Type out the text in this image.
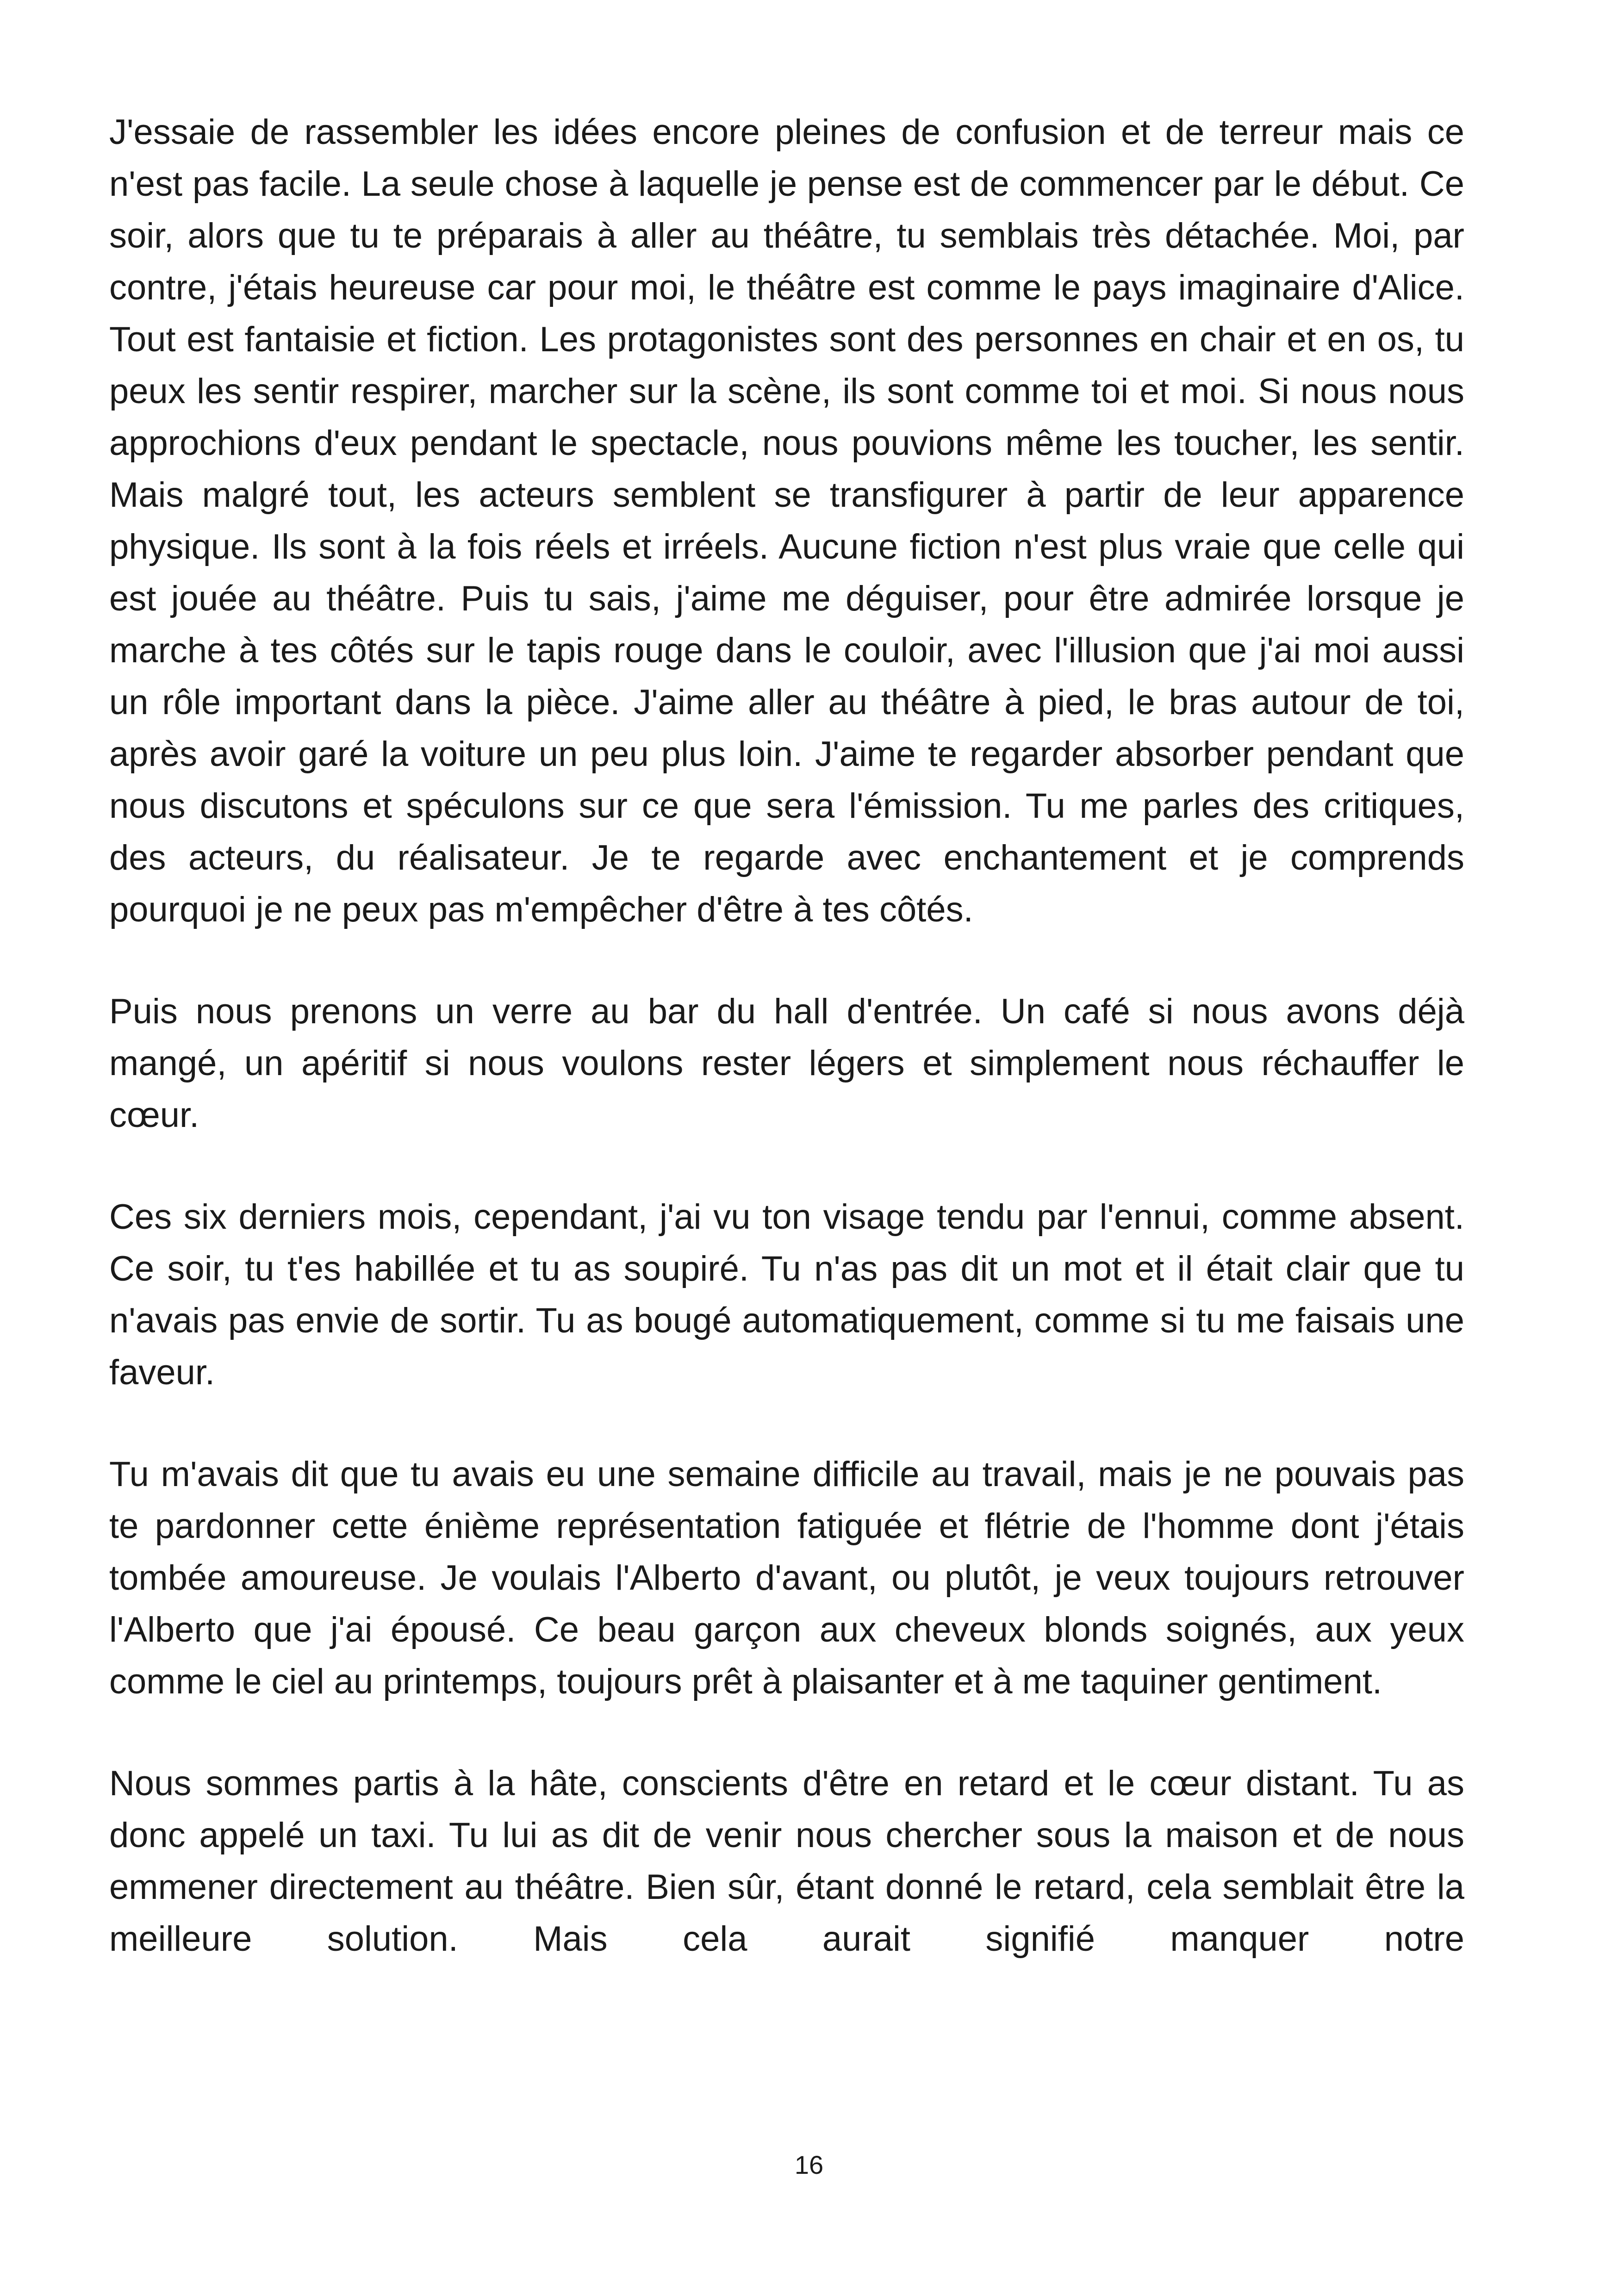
J'essaie de rassembler les idées encore pleines de confusion et de terreur mais ce n'est pas facile. La seule chose à laquelle je pense est de commencer par le début. Ce soir, alors que tu te préparais à aller au théâtre, tu semblais très détachée. Moi, par contre, j'étais heureuse car pour moi, le théâtre est comme le pays imaginaire d'Alice. Tout est fantaisie et fiction. Les protagonistes sont des personnes en chair et en os, tu peux les sentir respirer, marcher sur la scène, ils sont comme toi et moi. Si nous nous approchions d'eux pendant le spectacle, nous pouvions même les toucher, les sentir. Mais malgré tout, les acteurs semblent se transfigurer à partir de leur apparence physique. Ils sont à la fois réels et irréels. Aucune fiction n'est plus vraie que celle qui est jouée au théâtre. Puis tu sais, j'aime me déguiser, pour être admirée lorsque je marche à tes côtés sur le tapis rouge dans le couloir, avec l'illusion que j'ai moi aussi un rôle important dans la pièce. J'aime aller au théâtre à pied, le bras autour de toi, après avoir garé la voiture un peu plus loin. J'aime te regarder absorber pendant que nous discutons et spéculons sur ce que sera l'émission. Tu me parles des critiques, des acteurs, du réalisateur. Je te regarde avec enchantement et je comprends pourquoi je ne peux pas m'empêcher d'être à tes côtés.

Puis nous prenons un verre au bar du hall d'entrée. Un café si nous avons déjà mangé, un apéritif si nous voulons rester légers et simplement nous réchauffer le cœur.

Ces six derniers mois, cependant, j'ai vu ton visage tendu par l'ennui, comme absent. Ce soir, tu t'es habillée et tu as soupiré. Tu n'as pas dit un mot et il était clair que tu n'avais pas envie de sortir. Tu as bougé automatiquement, comme si tu me faisais une faveur.

Tu m'avais dit que tu avais eu une semaine difficile au travail, mais je ne pouvais pas te pardonner cette énième représentation fatiguée et flétrie de l'homme dont j'étais tombée amoureuse. Je voulais l'Alberto d'avant, ou plutôt, je veux toujours retrouver l'Alberto que j'ai épousé. Ce beau garçon aux cheveux blonds soignés, aux yeux comme le ciel au printemps, toujours prêt à plaisanter et à me taquiner gentiment.

Nous sommes partis à la hâte, conscients d'être en retard et le cœur distant. Tu as donc appelé un taxi. Tu lui as dit de venir nous chercher sous la maison et de nous emmener directement au théâtre. Bien sûr, étant donné le retard, cela semblait être la meilleure solution. Mais cela aurait signifié manquer notre

16
